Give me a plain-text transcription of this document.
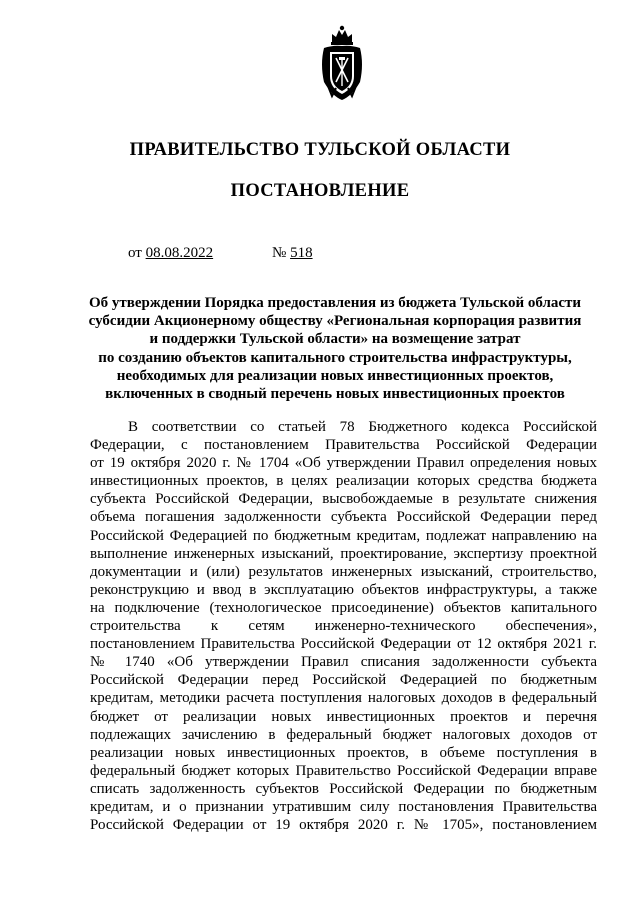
ПРАВИТЕЛЬСТВО ТУЛЬСКОЙ ОБЛАСТИ
ПОСТАНОВЛЕНИЕ
от 08.08.2022	№ 518
Об утверждении Порядка предоставления из бюджета Тульской области
субсидии Акционерному обществу «Региональная корпорация развития
и поддержки Тульской области» на возмещение затрат
по созданию объектов капитального строительства инфраструктуры,
необходимых для реализации новых инвестиционных проектов,
включенных в сводный перечень новых инвестиционных проектов
В соответствии со статьей 78 Бюджетного кодекса Российской
Федерации, с постановлением Правительства Российской Федерации
от 19 октября 2020 г. № 1704 «Об утверждении Правил определения новых
инвестиционных проектов, в целях реализации которых средства бюджета
субъекта Российской Федерации, высвобождаемые в результате снижения
объема погашения задолженности субъекта Российской Федерации перед
Российской Федерацией по бюджетным кредитам, подлежат направлению на
выполнение инженерных изысканий, проектирование, экспертизу проектной
документации и (или) результатов инженерных изысканий, строительство,
реконструкцию и ввод в эксплуатацию объектов инфраструктуры, а также
на подключение (технологическое присоединение) объектов капитального
строительства к сетям инженерно-технического обеспечения»,
постановлением Правительства Российской Федерации от 12 октября 2021 г.
№ 1740 «Об утверждении Правил списания задолженности субъекта
Российской Федерации перед Российской Федерацией по бюджетным
кредитам, методики расчета поступления налоговых доходов в федеральный
бюджет от реализации новых инвестиционных проектов и перечня
подлежащих зачислению в федеральный бюджет налоговых доходов от
реализации новых инвестиционных проектов, в объеме поступления в
федеральный бюджет которых Правительство Российской Федерации вправе
списать задолженность субъектов Российской Федерации по бюджетным
кредитам, и о признании утратившим силу постановления Правительства
Российской Федерации от 19 октября 2020 г. № 1705», постановлением
